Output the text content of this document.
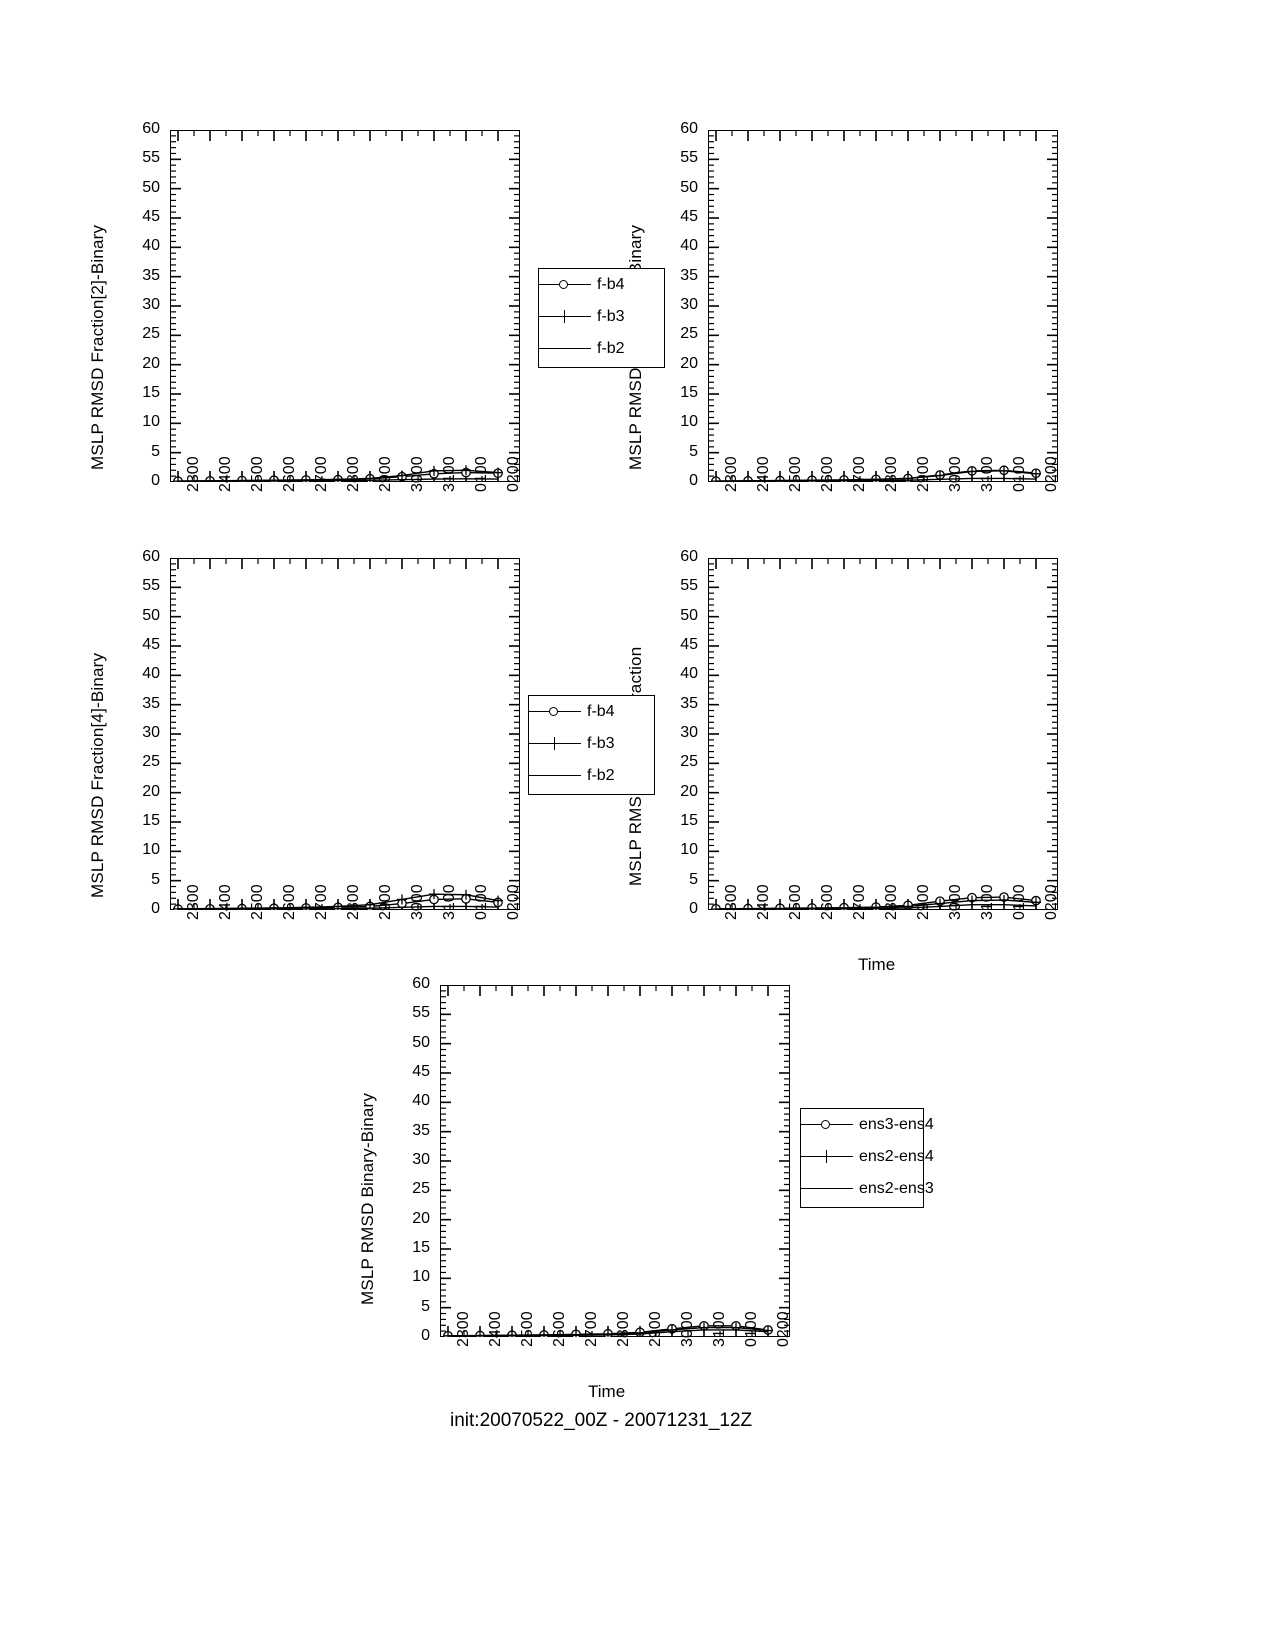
MSLP RMSD Fraction[2]-Binary
0
5
10
15
20
25
30
35
40
45
50
55
60
2300 2400 2500 2600 2700 2800 2900 3000 3100 0100 0200	0
5
10
15
20
25
30
35
40
45
50
55
60
2300 2400 2500 2600 2700 2800 2900 3000 3100 0100 0200
MSLP RMSD Fraction[4]-Binary
0
5
10
15
20
25
30
35
40
45
50
55
60
2300 2400 2500 2600 2700 2800 2900 3000 3100 0100 0200	0
5
10
15
20
25
30
35
40
45
50
55
60
2300 2400 2500 2600 2700 2800 2900 3000 3100 0100 0200
Time
MSLP RMSD Binary-Binary
0
5
10
15
20
25
30
35
40
45
50
55
60
2300 2400 2500 2600 2700 2800 2900 3000 3100 0100 0200
Time
init:20070522_00Z - 20071231_12Z
f-b4
f-b3
f-b2
f-b4
f-b3
f-b2
ens3-ens4
ens2-ens4
ens2-ens3
